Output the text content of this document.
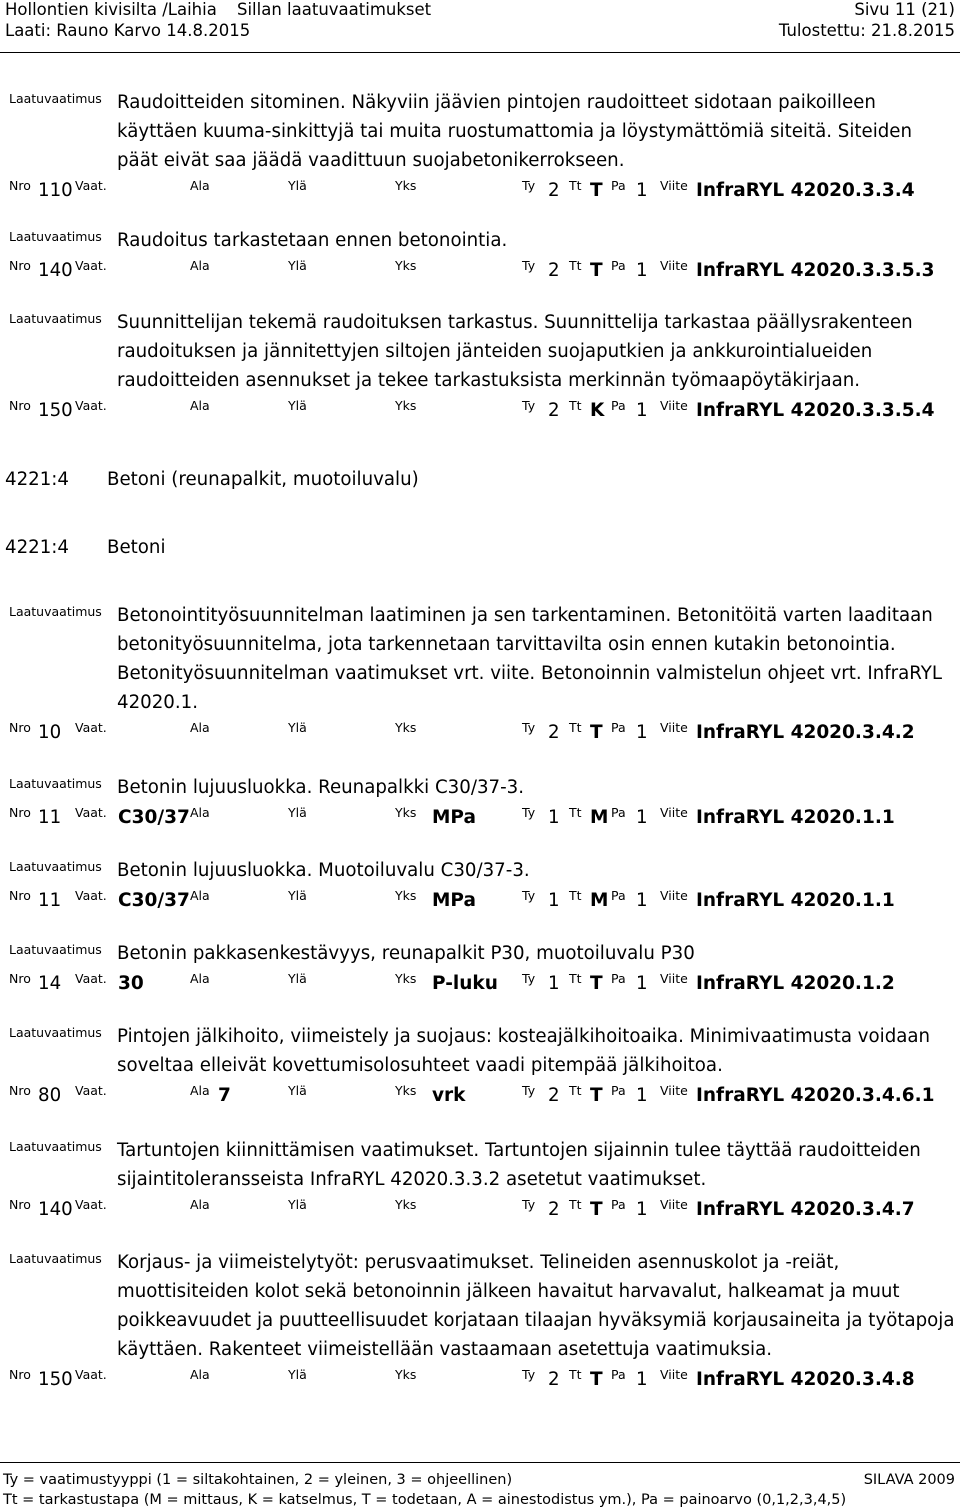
Hollontien kivisilta /Laihia Sillan laatuvaatimukset	Sivu 11 (21)
Laati: Rauno Karvo 14.8.2015	Tulostettu: 21.8.2015
Laatuvaatimus Raudoitteiden sitominen. Näkyviin jäävien pintojen raudoitteet sidotaan paikoilleen käyttäen kuuma-sinkittyjä tai muita ruostumattomia ja löystymättömiä siteitä. Siteiden päät eivät saa jäädä vaadittuun suojabetonikerrokseen.
Nro 110 Vaat.	Ala	Ylä	Yks	Ty 2 Tt T Pa 1 Viite InfraRYL 42020.3.3.4
Laatuvaatimus Raudoitus tarkastetaan ennen betonointia.
Nro 140 Vaat.	Ala	Ylä	Yks	Ty 2 Tt T Pa 1 Viite InfraRYL 42020.3.3.5.3
Laatuvaatimus Suunnittelijan tekemä raudoituksen tarkastus. Suunnittelija tarkastaa päällysrakenteen raudoituksen ja jännitettyjen siltojen jänteiden suojaputkien ja ankkurointialueiden raudoitteiden asennukset ja tekee tarkastuksista merkinnän työmaapöytäkirjaan.
Nro 150 Vaat.	Ala	Ylä	Yks	Ty 2 Tt K Pa 1 Viite InfraRYL 42020.3.3.5.4
Laatuvaatimus Betonointityösuunnitelman laatiminen ja sen tarkentaminen. Betonitöitä varten laaditaan betonityösuunnitelma, jota tarkennetaan tarvittavilta osin ennen kutakin betonointia. Betonityösuunnitelman vaatimukset vrt. viite. Betonoinnin valmistelun ohjeet vrt. InfraRYL 42020.1.
Nro 10 Vaat.	Ala	Ylä	Yks	Ty 2 Tt T Pa 1 Viite InfraRYL 42020.3.4.2
Laatuvaatimus Betonin lujuusluokka. Reunapalkki C30/37-3.
Nro 11 Vaat. C30/37 Ala	Ylä	Yks MPa	Ty 1 Tt M Pa 1 Viite InfraRYL 42020.1.1
Laatuvaatimus Betonin lujuusluokka. Muotoiluvalu C30/37-3.
Nro 11 Vaat. C30/37 Ala	Ylä	Yks MPa	Ty 1 Tt M Pa 1 Viite InfraRYL 42020.1.1
Laatuvaatimus Betonin pakkasenkestävyys, reunapalkit P30, muotoiluvalu P30
Nro 14 Vaat. 30	Ala	Ylä	Yks P-luku Ty 1 Tt T Pa 1 Viite InfraRYL 42020.1.2
Laatuvaatimus Pintojen jälkihoito, viimeistely ja suojaus: kosteajälkihoitoaika. Minimivaatimusta voidaan soveltaa elleivät kovettumisolosuhteet vaadi pitempää jälkihoitoa.
Nro 80 Vaat.	Ala 7	Ylä	Yks vrk	Ty 2 Tt T Pa 1 Viite InfraRYL 42020.3.4.6.1
Laatuvaatimus Tartuntojen kiinnittämisen vaatimukset. Tartuntojen sijainnin tulee täyttää raudoitteiden sijaintitoleransseista InfraRYL 42020.3.3.2 asetetut vaatimukset.
Nro 140 Vaat.	Ala	Ylä	Yks	Ty 2 Tt T Pa 1 Viite InfraRYL 42020.3.4.7
Laatuvaatimus Korjaus- ja viimeistelytyöt: perusvaatimukset. Telineiden asennuskolot ja -reiät, muottisiteiden kolot sekä betonoinnin jälkeen havaitut harvavalut, halkeamat ja muut poikkeavuudet ja puutteellisuudet korjataan tilaajan hyväksymiä korjausaineita ja työtapoja käyttäen. Rakenteet viimeistellään vastaamaan asetettuja vaatimuksia.
Nro 150 Vaat.	Ala	Ylä	Yks	Ty 2 Tt T Pa 1 Viite InfraRYL 42020.3.4.8
4221:4 Betoni (reunapalkit, muotoiluvalu)
4221:4 Betoni
Ty = vaatimustyyppi (1 = siltakohtainen, 2 = yleinen, 3 = ohjeellinen)	SILAVA 2009
Tt = tarkastustapa (M = mittaus, K = katselmus, T = todetaan, A = ainestodistus ym.), Pa = painoarvo (0,1,2,3,4,5)
